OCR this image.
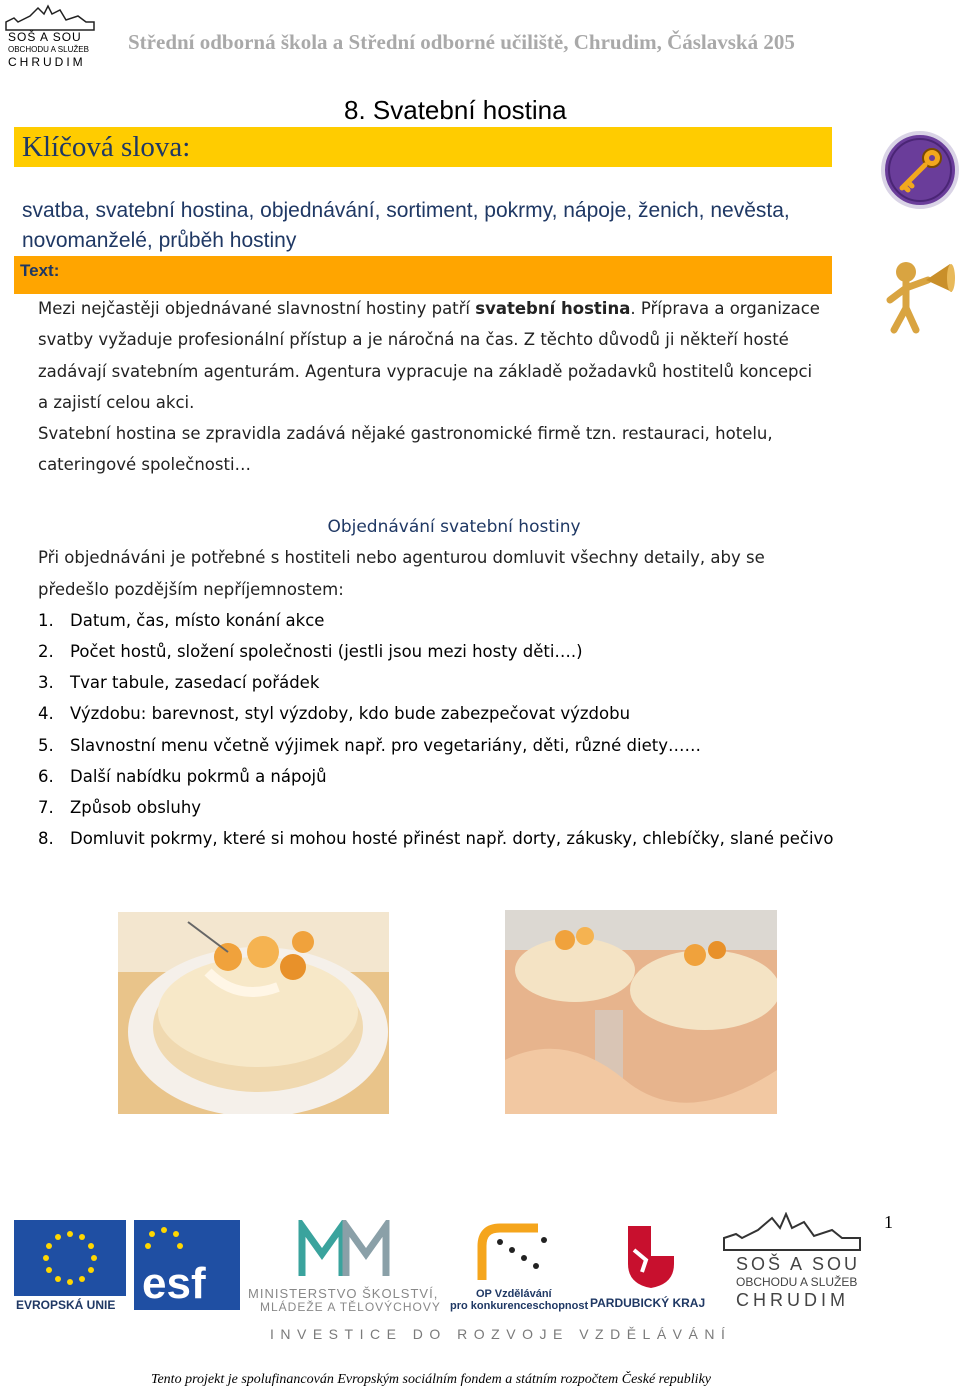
SOŠ A SOU
OBCHODU A SLUŽEB
CHRUDIM
Střední odborná škola a Střední odborné učiliště, Chrudim, Čáslavská 205
8. Svatební hostina
Klíčová slova:
svatba, svatební hostina, objednávání, sortiment, pokrmy, nápoje, ženich, nevěsta,
novomanželé, průběh hostiny
Text:
Mezi nejčastěji objednávané slavnostní hostiny patří svatební hostina. Příprava a organizace
svatby vyžaduje profesionální přístup a je náročná na čas. Z těchto důvodů ji někteří hosté
zadávají svatebním agenturám. Agentura vypracuje na základě požadavků hostitelů koncepci
a zajistí celou akci.
Svatební hostina se zpravidla zadává nějaké gastronomické firmě tzn. restauraci, hotelu,
cateringové společnosti…
Objednávání svatební hostiny
Při objednáváni je potřebné s hostiteli nebo agenturou domluvit všechny detaily, aby se
předešlo pozdějším nepříjemnostem:
1. Datum, čas, místo konání akce
2. Počet hostů, složení společnosti (jestli jsou mezi hosty děti….)
3. Tvar tabule, zasedací pořádek
4. Výzdobu: barevnost, styl výzdoby, kdo bude zabezpečovat výzdobu
5. Slavnostní menu včetně výjimek např. pro vegetariány, děti, různé diety……
6. Další nabídku pokrmů a nápojů
7. Způsob obsluhy
8. Domluvit pokrmy, které si mohou hosté přinést např. dorty, zákusky, chlebíčky, slané pečivo
1
EVROPSKÁ UNIE esf	MINISTERSTVO ŠKOLSTVÍ,
MLÁDEŽE A TĚLOVÝCHOVY
OP Vzdělávání
pro konkurenceschopnost PARDUBICKÝ KRAJ
SOŠ A SOU
OBCHODU A SLUŽEB
CHRUDIM
INVESTICE DO ROZVOJE VZDĚLÁVÁNÍ
Tento projekt je spolufinancován Evropským sociálním fondem a státním rozpočtem České republiky
